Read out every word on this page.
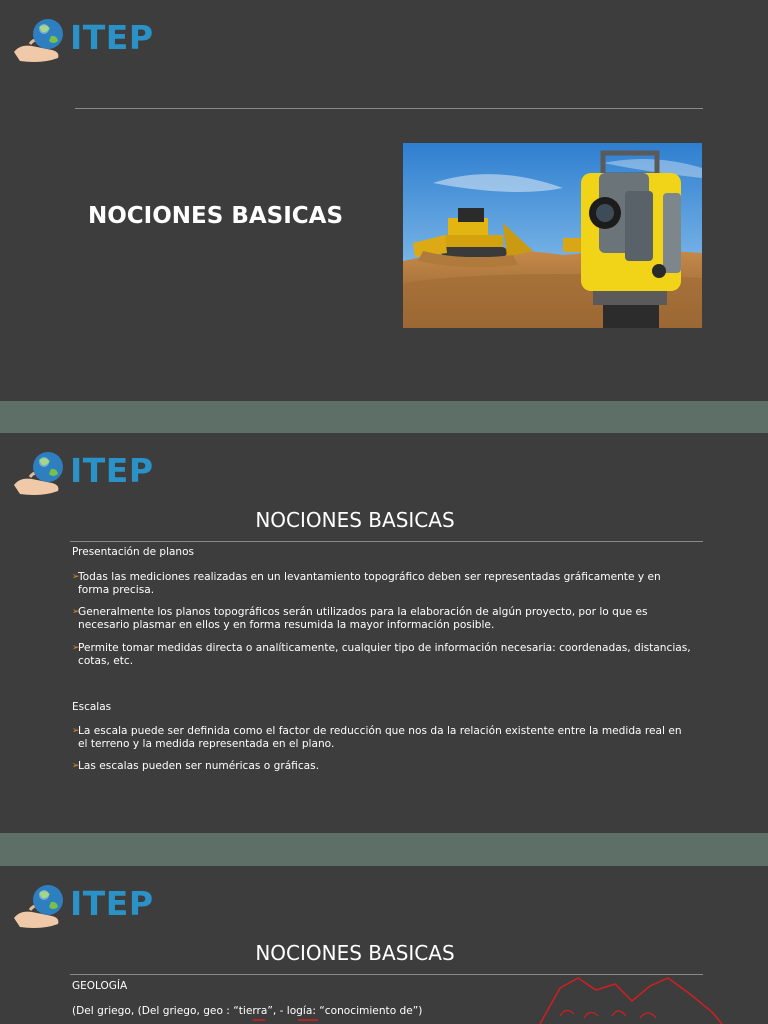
ITEP
NOCIONES BASICAS
ITEP
NOCIONES BASICAS
Presentación de planos
➢
Todas las mediciones realizadas en un levantamiento topográfico deben ser representadas gráficamente y en forma precisa.
➢
Generalmente los planos topográficos serán utilizados para la elaboración de algún proyecto, por lo que es necesario plasmar en ellos y en forma resumida la mayor información posible.
➢
Permite tomar medidas directa o analíticamente, cualquier tipo de información necesaria: coordenadas, distancias, cotas, etc.
Escalas
➢
La escala puede ser definida como el factor de reducción que nos da la relación existente entre la medida real en el terreno y la medida representada en el plano.
➢
Las escalas pueden ser numéricas o gráficas.
ITEP
NOCIONES BASICAS
GEOLOGÍA
(Del griego, (Del griego, geo : “tierra”, - logía: “conocimiento de”)
